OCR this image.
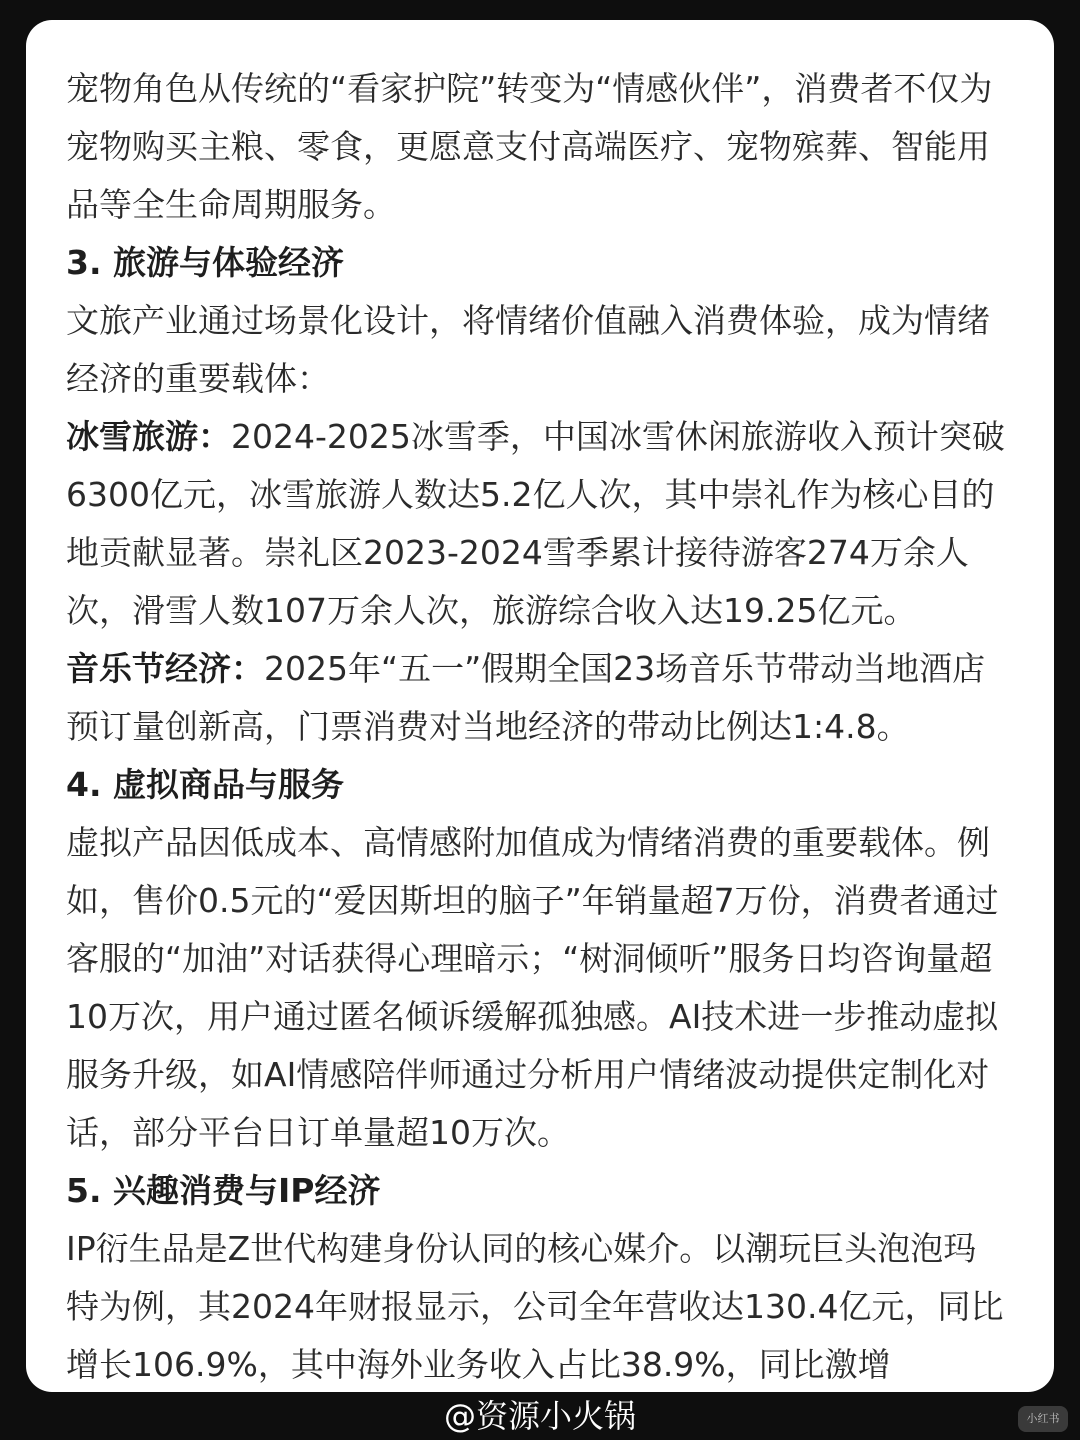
宠物角色从传统的“看家护院”转变为“情感伙伴”，消费者不仅为
宠物购买主粮、零食，更愿意支付高端医疗、宠物殡葬、智能用
品等全生命周期服务。
3. 旅游与体验经济
文旅产业通过场景化设计，将情绪价值融入消费体验，成为情绪
经济的重要载体：
冰雪旅游：2024-2025冰雪季，中国冰雪休闲旅游收入预计突破
6300亿元，冰雪旅游人数达5.2亿人次，其中崇礼作为核心目的
地贡献显著。崇礼区2023-2024雪季累计接待游客274万余人
次，滑雪人数107万余人次，旅游综合收入达19.25亿元。
音乐节经济：2025年“五一”假期全国23场音乐节带动当地酒店
预订量创新高，门票消费对当地经济的带动比例达1:4.8。
4. 虚拟商品与服务
虚拟产品因低成本、高情感附加值成为情绪消费的重要载体。例
如，售价0.5元的“爱因斯坦的脑子”年销量超7万份，消费者通过
客服的“加油”对话获得心理暗示；“树洞倾听”服务日均咨询量超
10万次，用户通过匿名倾诉缓解孤独感。AI技术进一步推动虚拟
服务升级，如AI情感陪伴师通过分析用户情绪波动提供定制化对
话，部分平台日订单量超10万次。
5. 兴趣消费与IP经济
IP衍生品是Z世代构建身份认同的核心媒介。以潮玩巨头泡泡玛
特为例，其2024年财报显示，公司全年营收达130.4亿元，同比
增长106.9%，其中海外业务收入占比38.9%，同比激增
@资源小火锅	小红书
